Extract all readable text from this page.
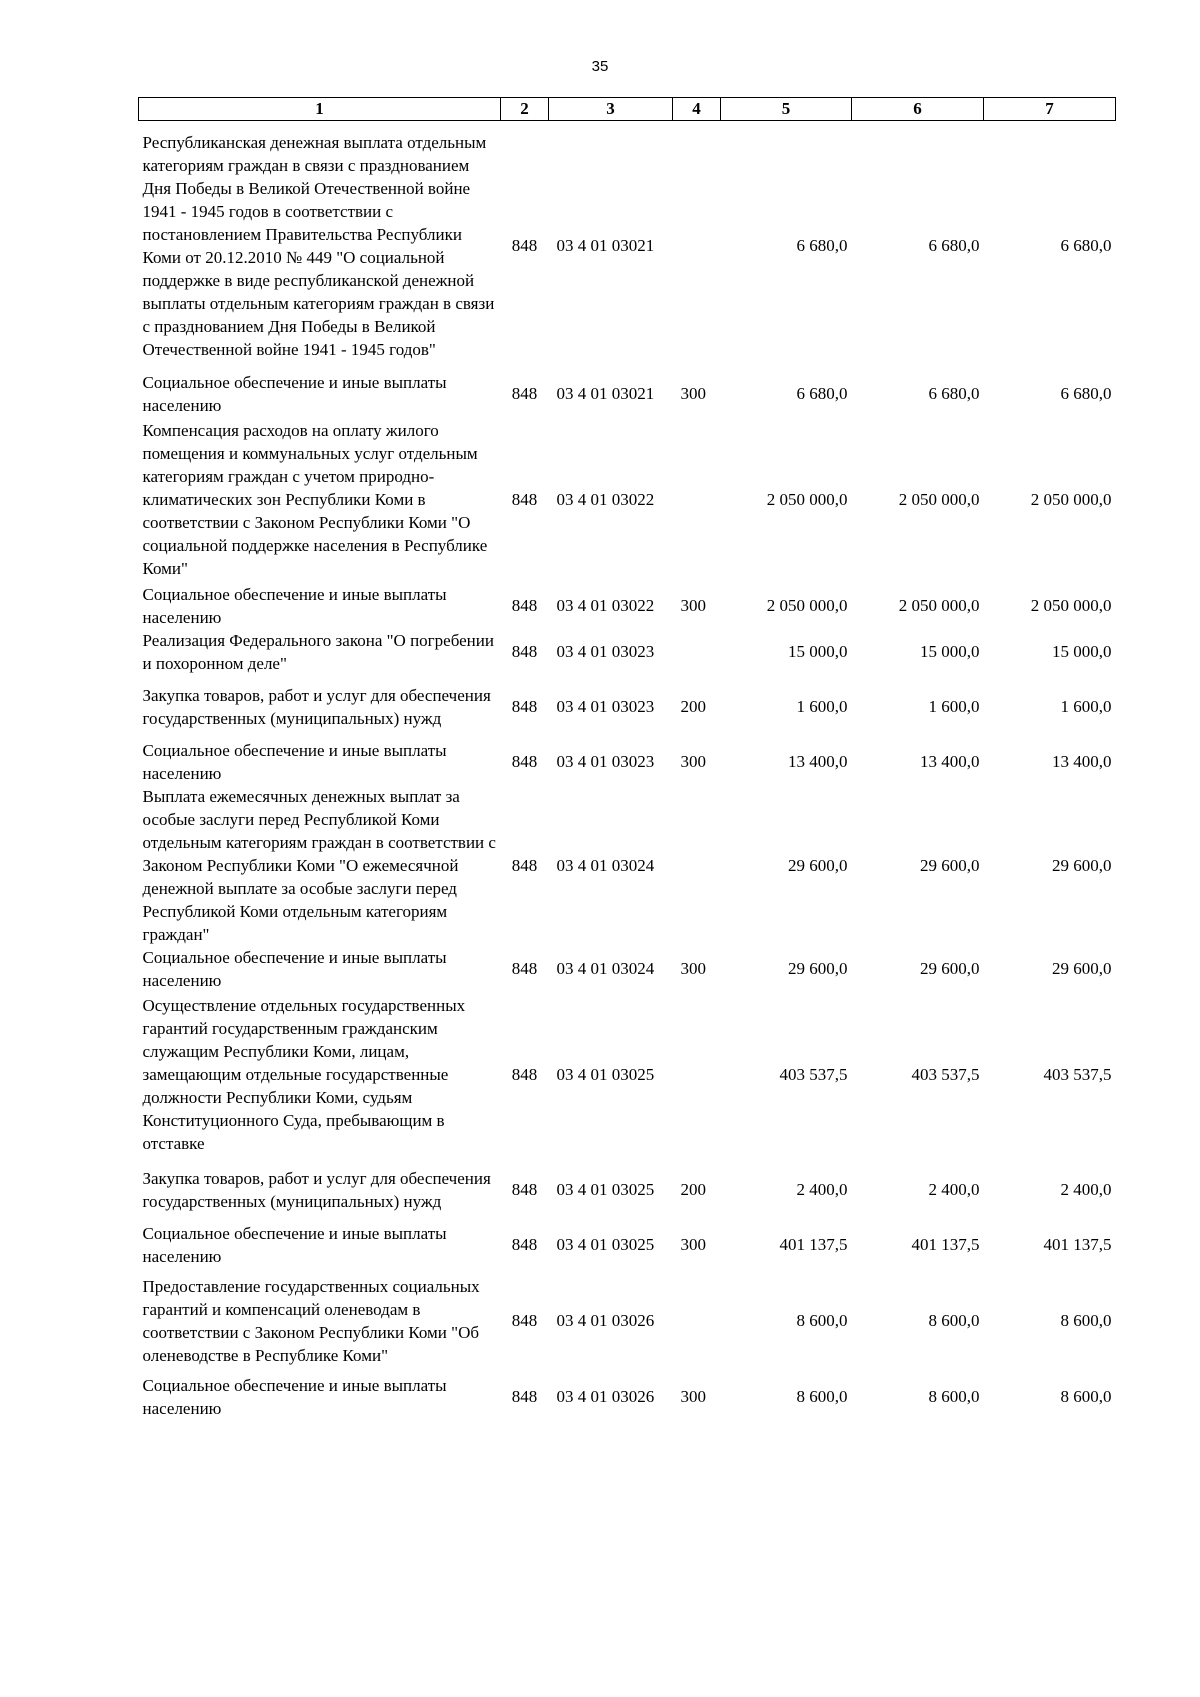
35
1	2	3	4	5	6	7
Республиканская денежная выплата отдельным категориям граждан в связи с празднованием Дня Победы в Великой Отечественной войне 1941 - 1945 годов в соответствии с постановлением Правительства Республики Коми от 20.12.2010 № 449 "О социальной поддержке в виде республиканской денежной выплаты отдельным категориям граждан в связи с празднованием Дня Победы в Великой Отечественной войне 1941 - 1945 годов"	848	03 4 01 03021		6 680,0	6 680,0	6 680,0
Социальное обеспечение и иные выплаты населению	848	03 4 01 03021	300	6 680,0	6 680,0	6 680,0
Компенсация расходов на оплату жилого помещения и коммунальных услуг отдельным категориям граждан с учетом природно-климатических зон Республики Коми в соответствии с Законом Республики Коми "О социальной поддержке населения в Республике Коми"	848	03 4 01 03022		2 050 000,0	2 050 000,0	2 050 000,0
Социальное обеспечение и иные выплаты населению	848	03 4 01 03022	300	2 050 000,0	2 050 000,0	2 050 000,0
Реализация Федерального закона "О погребении и похоронном деле"	848	03 4 01 03023		15 000,0	15 000,0	15 000,0
Закупка товаров, работ и услуг для обеспечения государственных (муниципальных) нужд	848	03 4 01 03023	200	1 600,0	1 600,0	1 600,0
Социальное обеспечение и иные выплаты населению	848	03 4 01 03023	300	13 400,0	13 400,0	13 400,0
Выплата ежемесячных денежных выплат за особые заслуги перед Республикой Коми отдельным категориям граждан в соответствии с Законом Республики Коми "О ежемесячной денежной выплате за особые заслуги перед Республикой Коми отдельным категориям граждан"	848	03 4 01 03024		29 600,0	29 600,0	29 600,0
Социальное обеспечение и иные выплаты населению	848	03 4 01 03024	300	29 600,0	29 600,0	29 600,0
Осуществление отдельных государственных гарантий государственным гражданским служащим Республики Коми, лицам, замещающим отдельные государственные должности Республики Коми, судьям Конституционного Суда, пребывающим в отставке	848	03 4 01 03025		403 537,5	403 537,5	403 537,5
Закупка товаров, работ и услуг для обеспечения государственных (муниципальных) нужд	848	03 4 01 03025	200	2 400,0	2 400,0	2 400,0
Социальное обеспечение и иные выплаты населению	848	03 4 01 03025	300	401 137,5	401 137,5	401 137,5
Предоставление государственных социальных гарантий и компенсаций оленеводам в соответствии с Законом Республики Коми "Об оленеводстве в Республике Коми"	848	03 4 01 03026		8 600,0	8 600,0	8 600,0
Социальное обеспечение и иные выплаты населению	848	03 4 01 03026	300	8 600,0	8 600,0	8 600,0
